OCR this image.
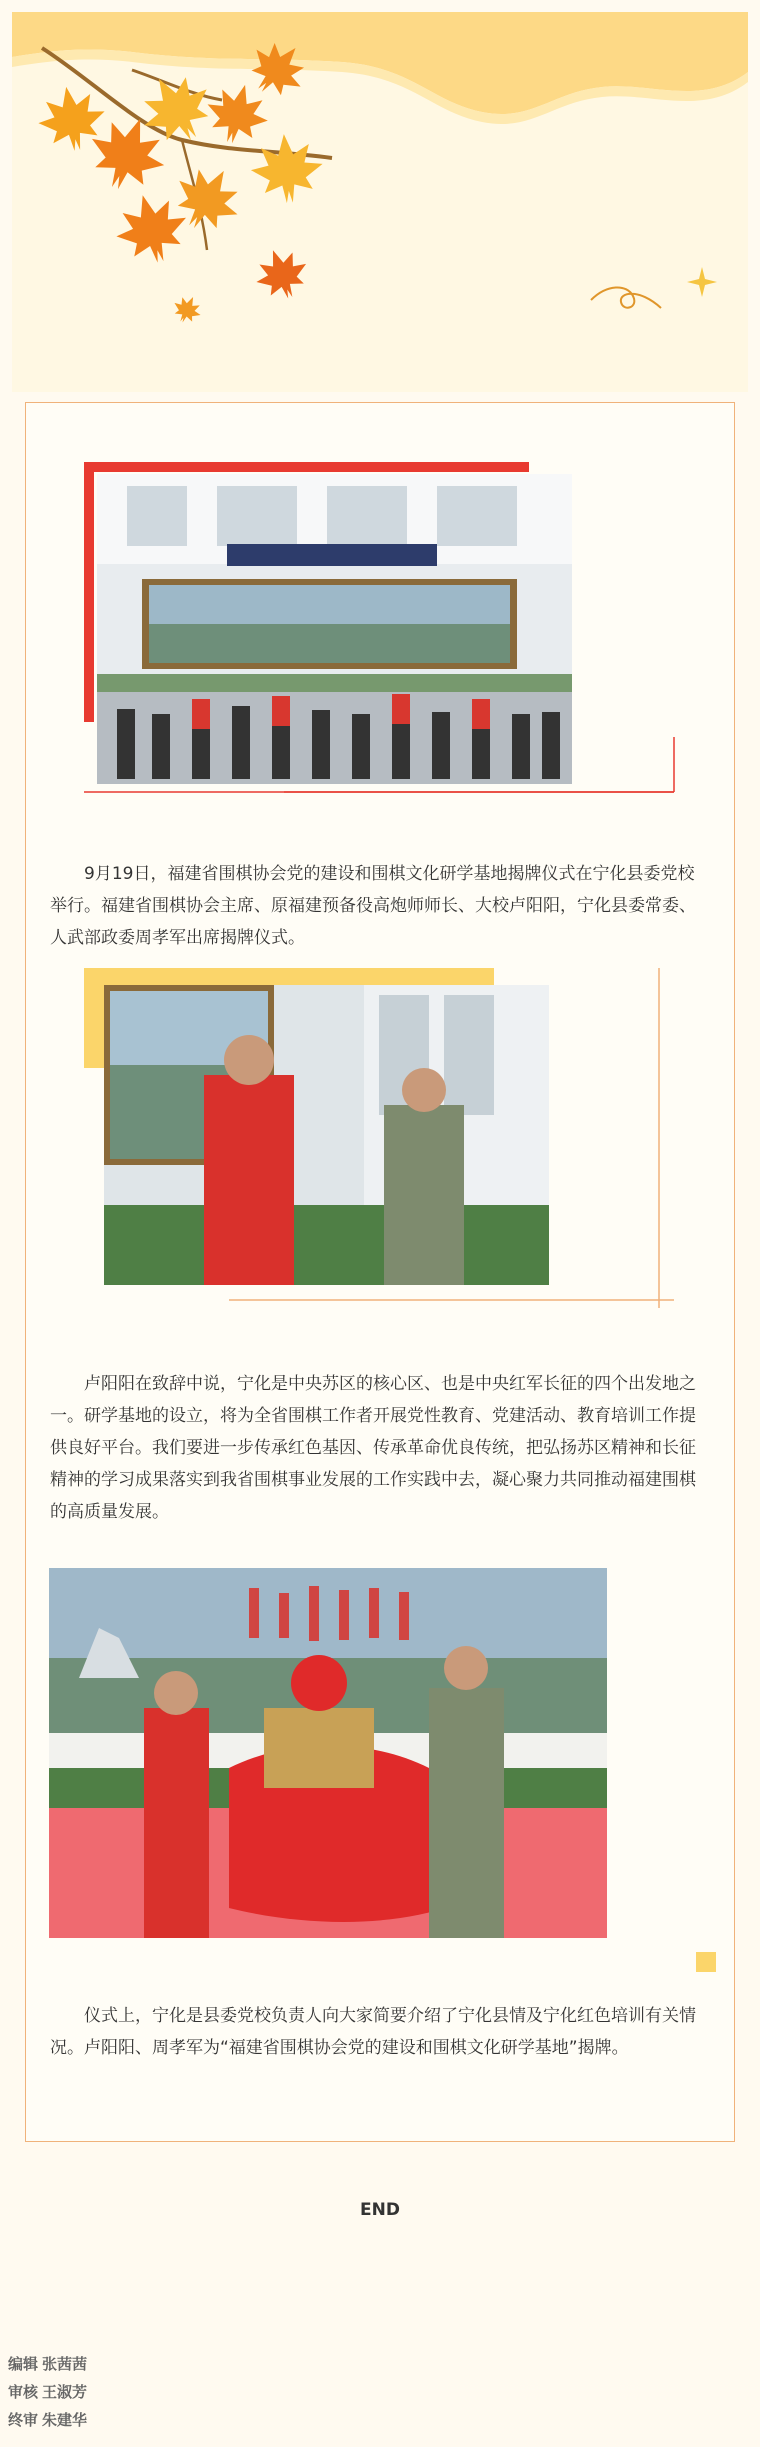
9月19日，福建省围棋协会党的建设和围棋文化研学基地揭牌仪式在宁化县委党校举行。福建省围棋协会主席、原福建预备役高炮师师长、大校卢阳阳，宁化县委常委、人武部政委周孝军出席揭牌仪式。

卢阳阳在致辞中说，宁化是中央苏区的核心区、也是中央红军长征的四个出发地之一。研学基地的设立，将为全省围棋工作者开展党性教育、党建活动、教育培训工作提供良好平台。我们要进一步传承红色基因、传承革命优良传统，把弘扬苏区精神和长征精神的学习成果落实到我省围棋事业发展的工作实践中去，凝心聚力共同推动福建围棋的高质量发展。

仪式上，宁化是县委党校负责人向大家简要介绍了宁化县情及宁化红色培训有关情况。卢阳阳、周孝军为“福建省围棋协会党的建设和围棋文化研学基地”揭牌。

END
编辑 张茜茜
审核 王淑芳
终审 朱建华
